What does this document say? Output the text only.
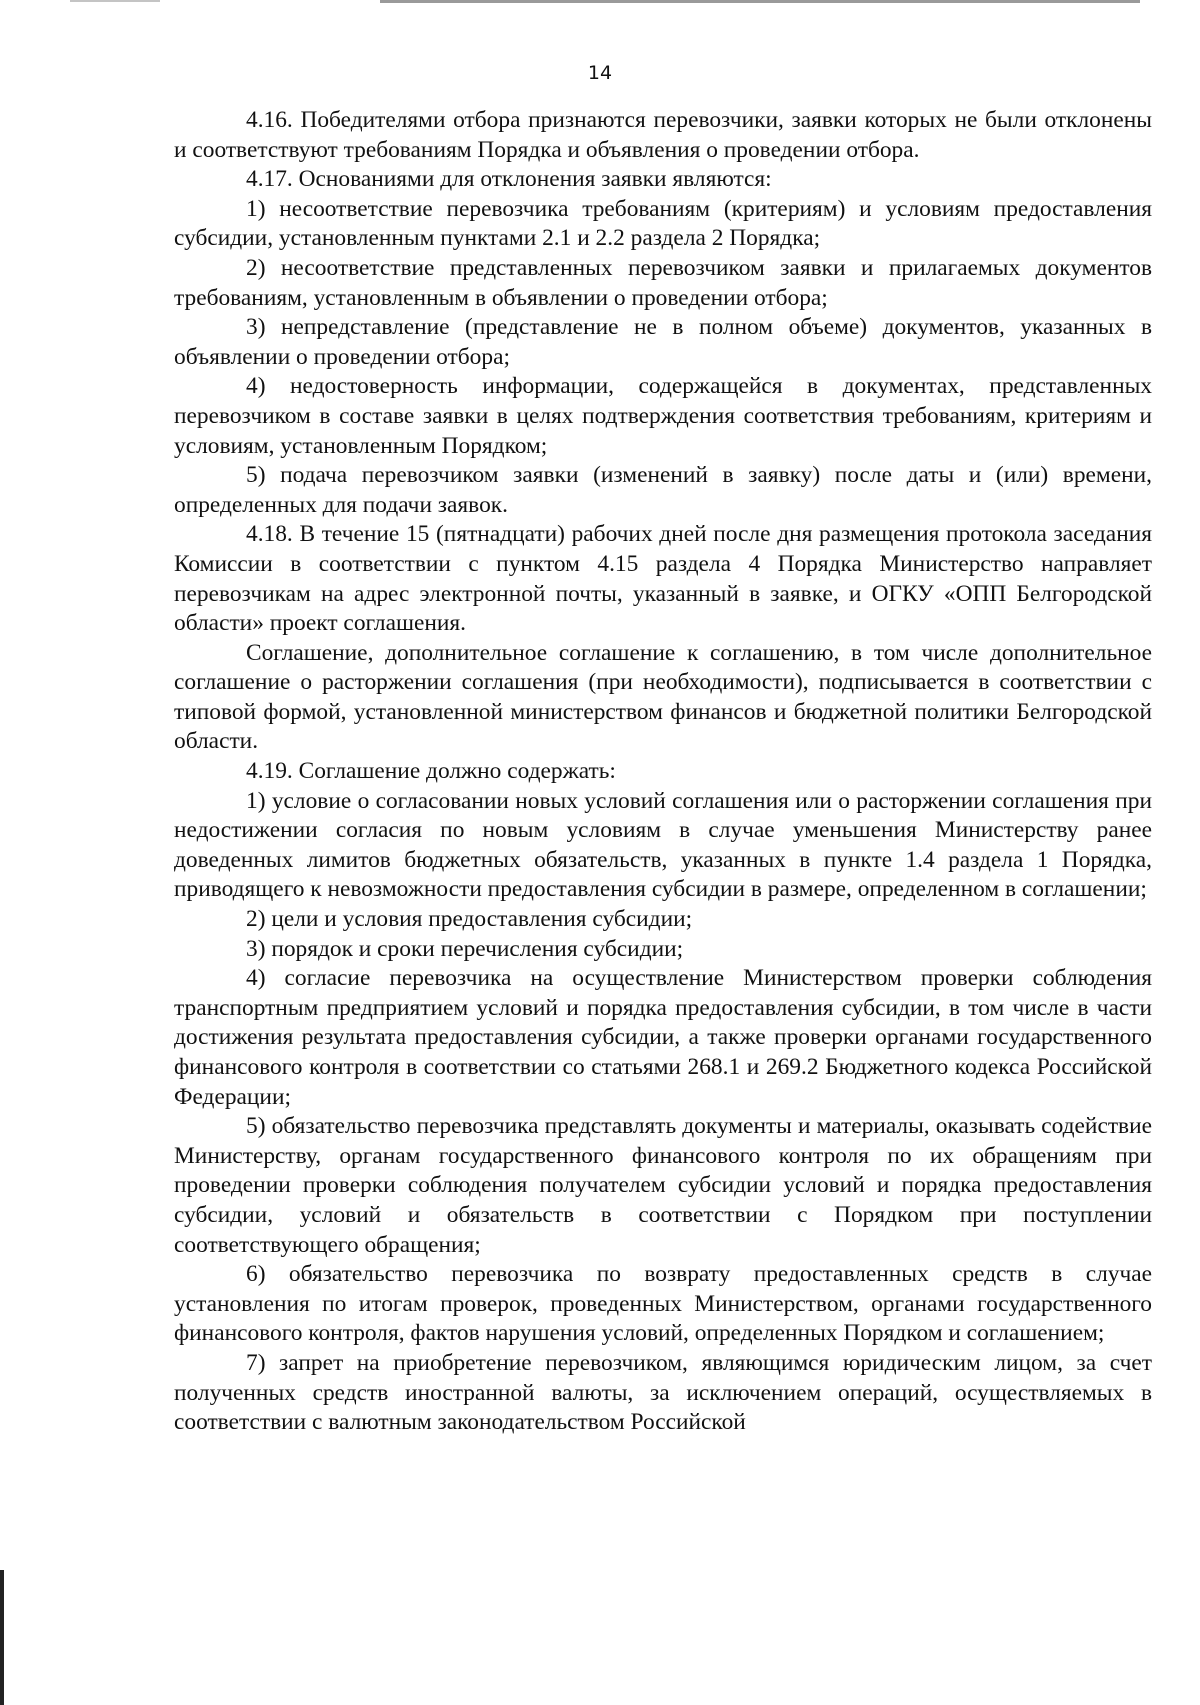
14

4.16. Победителями отбора признаются перевозчики, заявки которых не были отклонены и соответствуют требованиям Порядка и объявления о проведении отбора.

4.17. Основаниями для отклонения заявки являются:

1) несоответствие перевозчика требованиям (критериям) и условиям предоставления субсидии, установленным пунктами 2.1 и 2.2 раздела 2 Порядка;

2) несоответствие представленных перевозчиком заявки и прилагаемых документов требованиям, установленным в объявлении о проведении отбора;

3) непредставление (представление не в полном объеме) документов, указанных в объявлении о проведении отбора;

4) недостоверность информации, содержащейся в документах, представленных перевозчиком в составе заявки в целях подтверждения соответствия требованиям, критериям и условиям, установленным Порядком;

5) подача перевозчиком заявки (изменений в заявку) после даты и (или) времени, определенных для подачи заявок.

4.18. В течение 15 (пятнадцати) рабочих дней после дня размещения протокола заседания Комиссии в соответствии с пунктом 4.15 раздела 4 Порядка Министерство направляет перевозчикам на адрес электронной почты, указанный в заявке, и ОГКУ «ОПП Белгородской области» проект соглашения.

Соглашение, дополнительное соглашение к соглашению, в том числе дополнительное соглашение о расторжении соглашения (при необходимости), подписывается в соответствии с типовой формой, установленной министерством финансов и бюджетной политики Белгородской области.

4.19. Соглашение должно содержать:

1) условие о согласовании новых условий соглашения или о расторжении соглашения при недостижении согласия по новым условиям в случае уменьшения Министерству ранее доведенных лимитов бюджетных обязательств, указанных в пункте 1.4 раздела 1 Порядка, приводящего к невозможности предоставления субсидии в размере, определенном в соглашении;

2) цели и условия предоставления субсидии;

3) порядок и сроки перечисления субсидии;

4) согласие перевозчика на осуществление Министерством проверки соблюдения транспортным предприятием условий и порядка предоставления субсидии, в том числе в части достижения результата предоставления субсидии, а также проверки органами государственного финансового контроля в соответствии со статьями 268.1 и 269.2 Бюджетного кодекса Российской Федерации;

5) обязательство перевозчика представлять документы и материалы, оказывать содействие Министерству, органам государственного финансового контроля по их обращениям при проведении проверки соблюдения получателем субсидии условий и порядка предоставления субсидии, условий и обязательств в соответствии с Порядком при поступлении соответствующего обращения;

6) обязательство перевозчика по возврату предоставленных средств в случае установления по итогам проверок, проведенных Министерством, органами государственного финансового контроля, фактов нарушения условий, определенных Порядком и соглашением;

7) запрет на приобретение перевозчиком, являющимся юридическим лицом, за счет полученных средств иностранной валюты, за исключением операций, осуществляемых в соответствии с валютным законодательством Российской
